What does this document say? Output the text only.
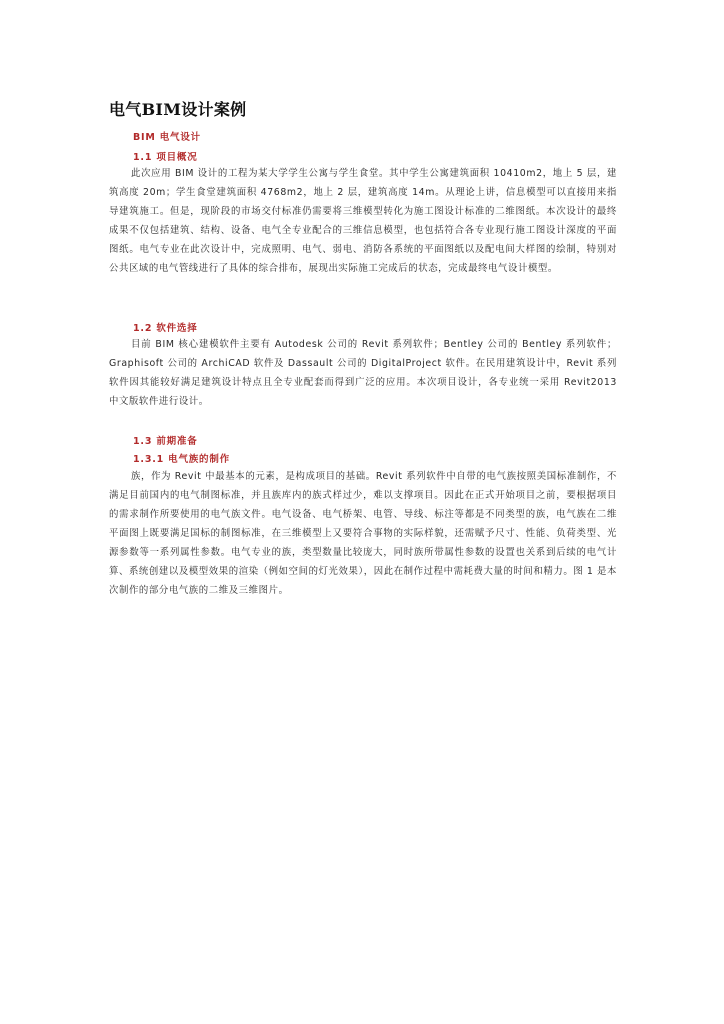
电气BIM设计案例
BIM 电气设计
1.1 项目概况
此次应用 BIM 设计的工程为某大学学生公寓与学生食堂。其中学生公寓建筑面积 10410m2，地上 5 层，建筑高度 20m；学生食堂建筑面积 4768m2，地上 2 层，建筑高度 14m。从理论上讲，信息模型可以直接用来指导建筑施工。但是，现阶段的市场交付标准仍需要将三维模型转化为施工图设计标准的二维图纸。本次设计的最终成果不仅包括建筑、结构、设备、电气全专业配合的三维信息模型，也包括符合各专业现行施工图设计深度的平面图纸。电气专业在此次设计中，完成照明、电气、弱电、消防各系统的平面图纸以及配电间大样图的绘制，特别对公共区域的电气管线进行了具体的综合排布，展现出实际施工完成后的状态，完成最终电气设计模型。
1.2 软件选择
目前 BIM 核心建模软件主要有 Autodesk 公司的 Revit 系列软件；Bentley 公司的 Bentley 系列软件；Graphisoft 公司的 ArchiCAD 软件及 Dassault 公司的 DigitalProject 软件。在民用建筑设计中，Revit 系列软件因其能较好满足建筑设计特点且全专业配套而得到广泛的应用。本次项目设计，各专业统一采用 Revit2013 中文版软件进行设计。
1.3 前期准备
1.3.1 电气族的制作
族，作为 Revit 中最基本的元素，是构成项目的基础。Revit 系列软件中自带的电气族按照美国标准制作，不满足目前国内的电气制图标准，并且族库内的族式样过少，难以支撑项目。因此在正式开始项目之前，要根据项目的需求制作所要使用的电气族文件。电气设备、电气桥架、电管、导线、标注等都是不同类型的族，电气族在二维平面图上既要满足国标的制图标准，在三维模型上又要符合事物的实际样貌，还需赋予尺寸、性能、负荷类型、光源参数等一系列属性参数。电气专业的族，类型数量比较庞大，同时族所带属性参数的设置也关系到后续的电气计算、系统创建以及模型效果的渲染（例如空间的灯光效果），因此在制作过程中需耗费大量的时间和精力。图 1 是本次制作的部分电气族的二维及三维图片。
